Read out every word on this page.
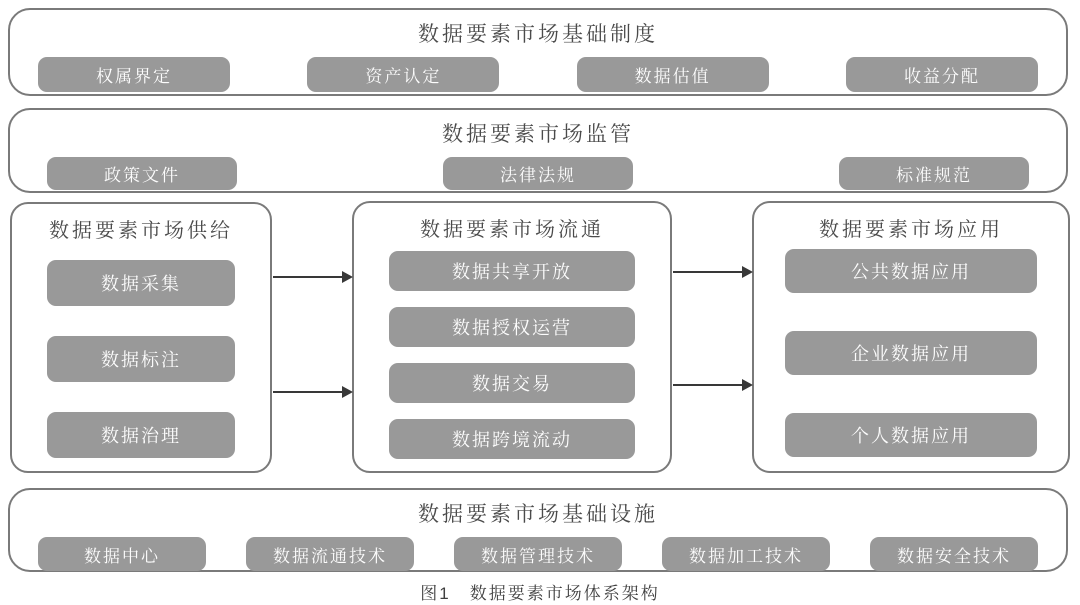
数据要素市场基础制度
权属界定	资产认定	数据估值	收益分配
数据要素市场监管
政策文件	法律法规	标准规范
数据要素市场供给
数据采集
数据标注
数据治理
数据要素市场流通
数据共享开放
数据授权运营
数据交易
数据跨境流动
数据要素市场应用
公共数据应用
企业数据应用
个人数据应用
数据要素市场基础设施
数据中心	数据流通技术	数据管理技术	数据加工技术	数据安全技术
图1　数据要素市场体系架构
